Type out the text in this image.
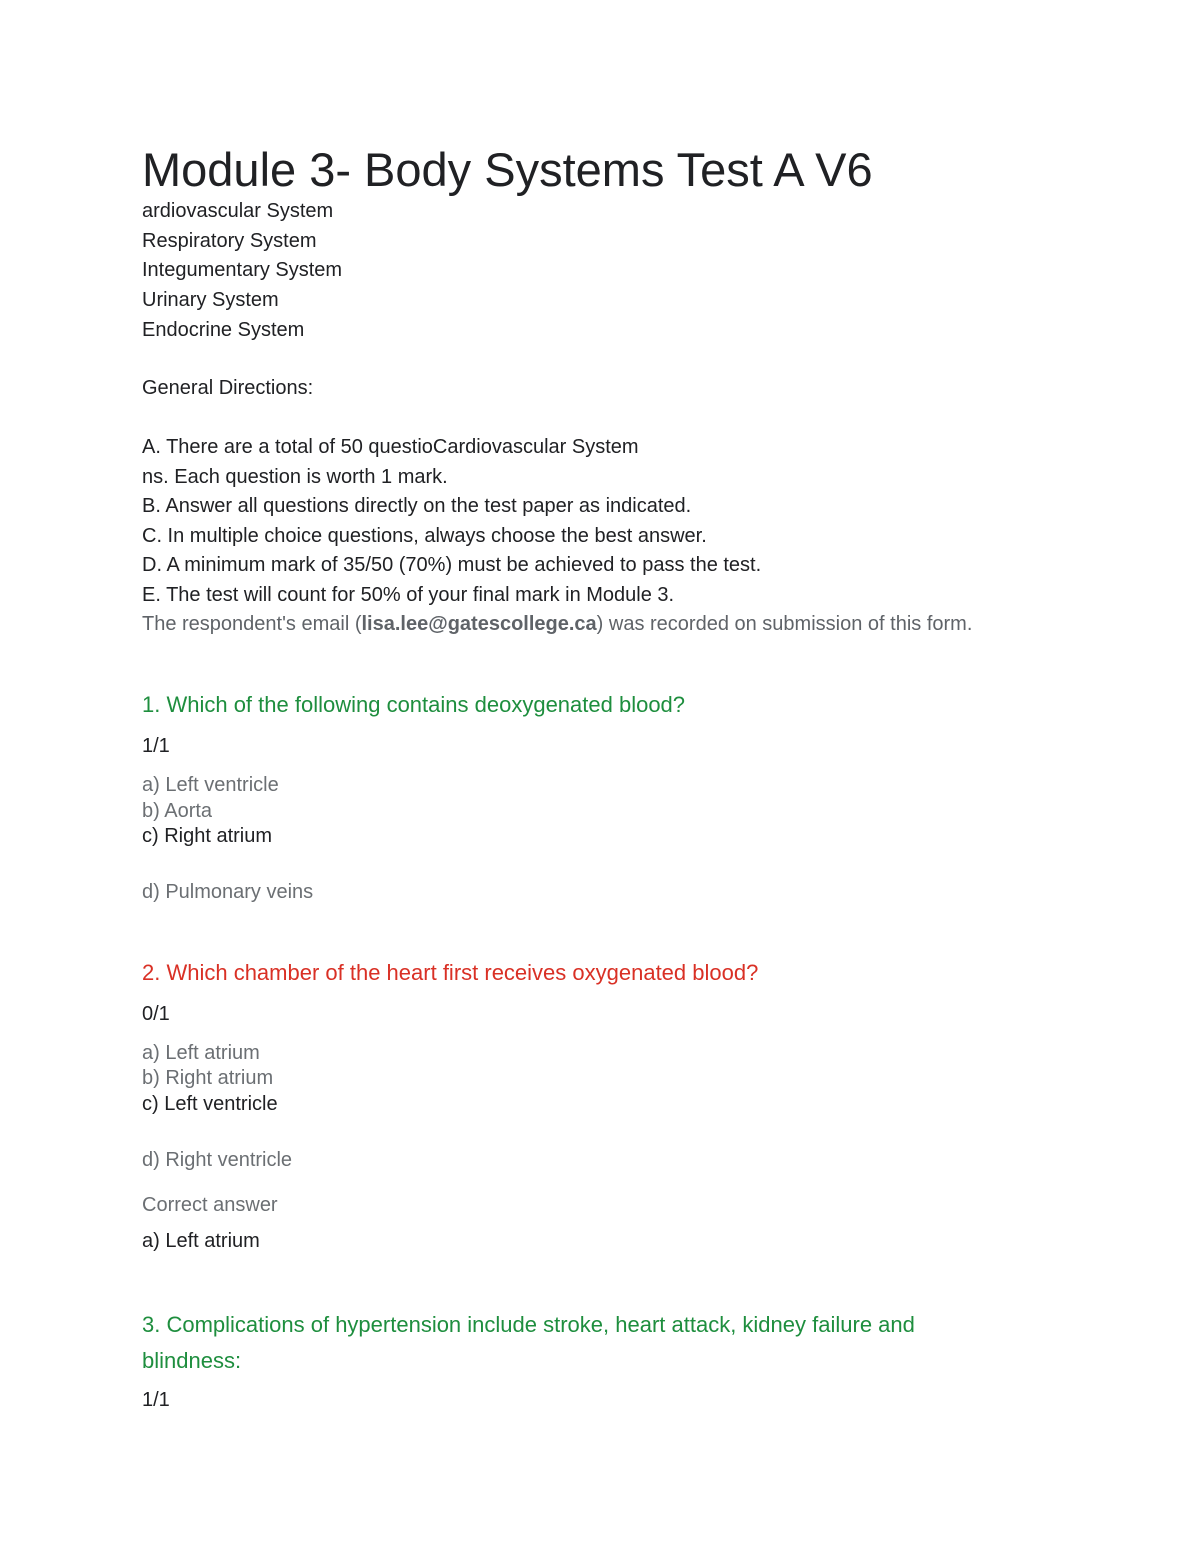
Module 3- Body Systems Test A V6
ardiovascular System
Respiratory System
Integumentary System
Urinary System
Endocrine System
General Directions:
A. There are a total of 50 questioCardiovascular System
ns. Each question is worth 1 mark.
B. Answer all questions directly on the test paper as indicated.
C. In multiple choice questions, always choose the best answer.
D. A minimum mark of 35/50 (70%) must be achieved to pass the test.
E. The test will count for 50% of your final mark in Module 3.
The respondent's email (lisa.lee@gatescollege.ca) was recorded on submission of this form.

1. Which of the following contains deoxygenated blood?

1/1
a) Left ventricle
b) Aorta
c) Right atrium
d) Pulmonary veins

2. Which chamber of the heart first receives oxygenated blood?

0/1
a) Left atrium
b) Right atrium
c) Left ventricle
d) Right ventricle
Correct answer
a) Left atrium

3. Complications of hypertension include stroke, heart attack, kidney failure and blindness:

1/1
